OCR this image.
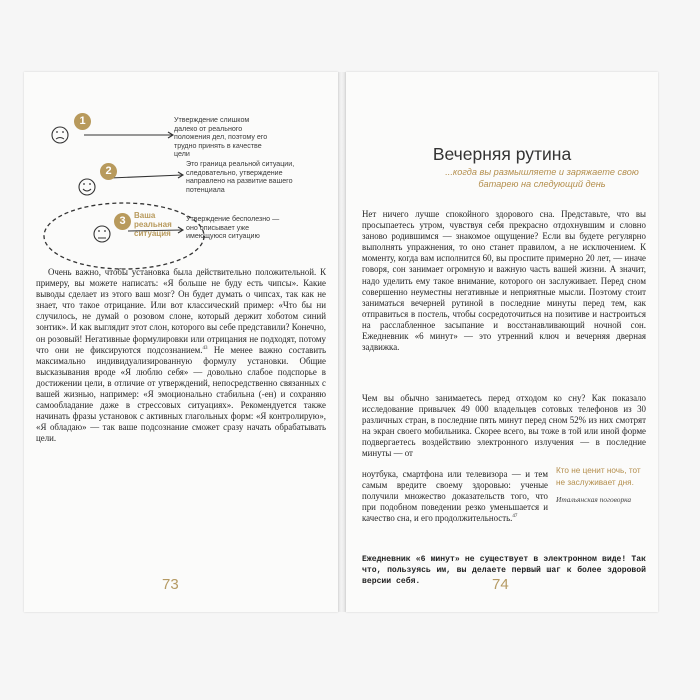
1	Утверждение слишком далеко от реального положения дел, поэтому его трудно принять в качестве цели
2
Это граница реальной ситуации, следовательно, утверждение направлено на развитие вашего потенциала
3	Ваша реальная ситуация
Утверждение бесполезно — оно описывает уже имеющуюся ситуацию

Очень важно, чтобы установка была действительно положительной. К примеру, вы можете написать: «Я больше не буду есть чипсы». Какие выводы сделает из этого ваш мозг? Он будет думать о чипсах, так как не знает, что такое отрицание. Или вот классический пример: «Что бы ни случилось, не думай о розовом слоне, который держит хоботом синий зонтик». И как выглядит этот слон, которого вы себе представили? Конечно, он розовый! Негативные формулировки или отрицания не подходят, потому что они не фиксируются подсознанием.$^{43}$ Не менее важно составить максимально индивидуализированную формулу установки. Общие высказывания вроде «Я люблю себя» — довольно слабое подспорье в достижении цели, в отличие от утверждений, непосредственно связанных с вашей жизнью, например: «Я эмоционально стабильна (-ен) и сохраняю самообладание даже в стрессовых ситуациях». Рекомендуется также начинать фразы установок с активных глагольных форм: «Я контролирую», «Я обладаю» — так ваше подсознание сможет сразу начать обрабатывать цели.

73
Вечерняя рутина
...когда вы размышляете и заряжаете свою батарею на следующий день

Нет ничего лучше спокойного здорового сна. Представьте, что вы просыпаетесь утром, чувствуя себя прекрасно отдохнувшим и словно заново родившимся — знакомое ощущение? Если вы будете регулярно выполнять упражнения, то оно станет правилом, а не исключением. К моменту, когда вам исполнится 60, вы проспите примерно 20 лет, — иначе говоря, сон занимает огромную и важную часть вашей жизни. А значит, надо уделить ему такое внимание, которого он заслуживает. Перед сном совершенно неуместны негативные и неприятные мысли. Поэтому стоит заниматься вечерней рутиной в последние минуты перед тем, как отправиться в постель, чтобы сосредоточиться на позитиве и настроиться на расслабленное засыпание и восстанавливающий ночной сон. Ежедневник «6 минут» — это утренний ключ и вечерняя дверная задвижка.

Чем вы обычно занимаетесь перед отходом ко сну? Как показало исследование привычек 49 000 владельцев сотовых телефонов из 30 различных стран, в последние пять минут перед сном 52% из них смотрят на экран своего мобильника. Скорее всего, вы тоже в той или иной форме подвергаетесь воздействию электронного излучения — в последние минуты — от

ноутбука, смартфона или телевизора — и тем самым вредите своему здоровью: ученые получили множество доказательств того, что при подобном поведении резко уменьшается и качество сна, и его продолжительность.$^{47}$

Кто не ценит ночь, тот не заслуживает дня.

Итальянская поговорка

Ежедневник «6 минут» не существует в электронном виде! Так что, пользуясь им, вы делаете первый шаг к более здоровой версии себя.	74
